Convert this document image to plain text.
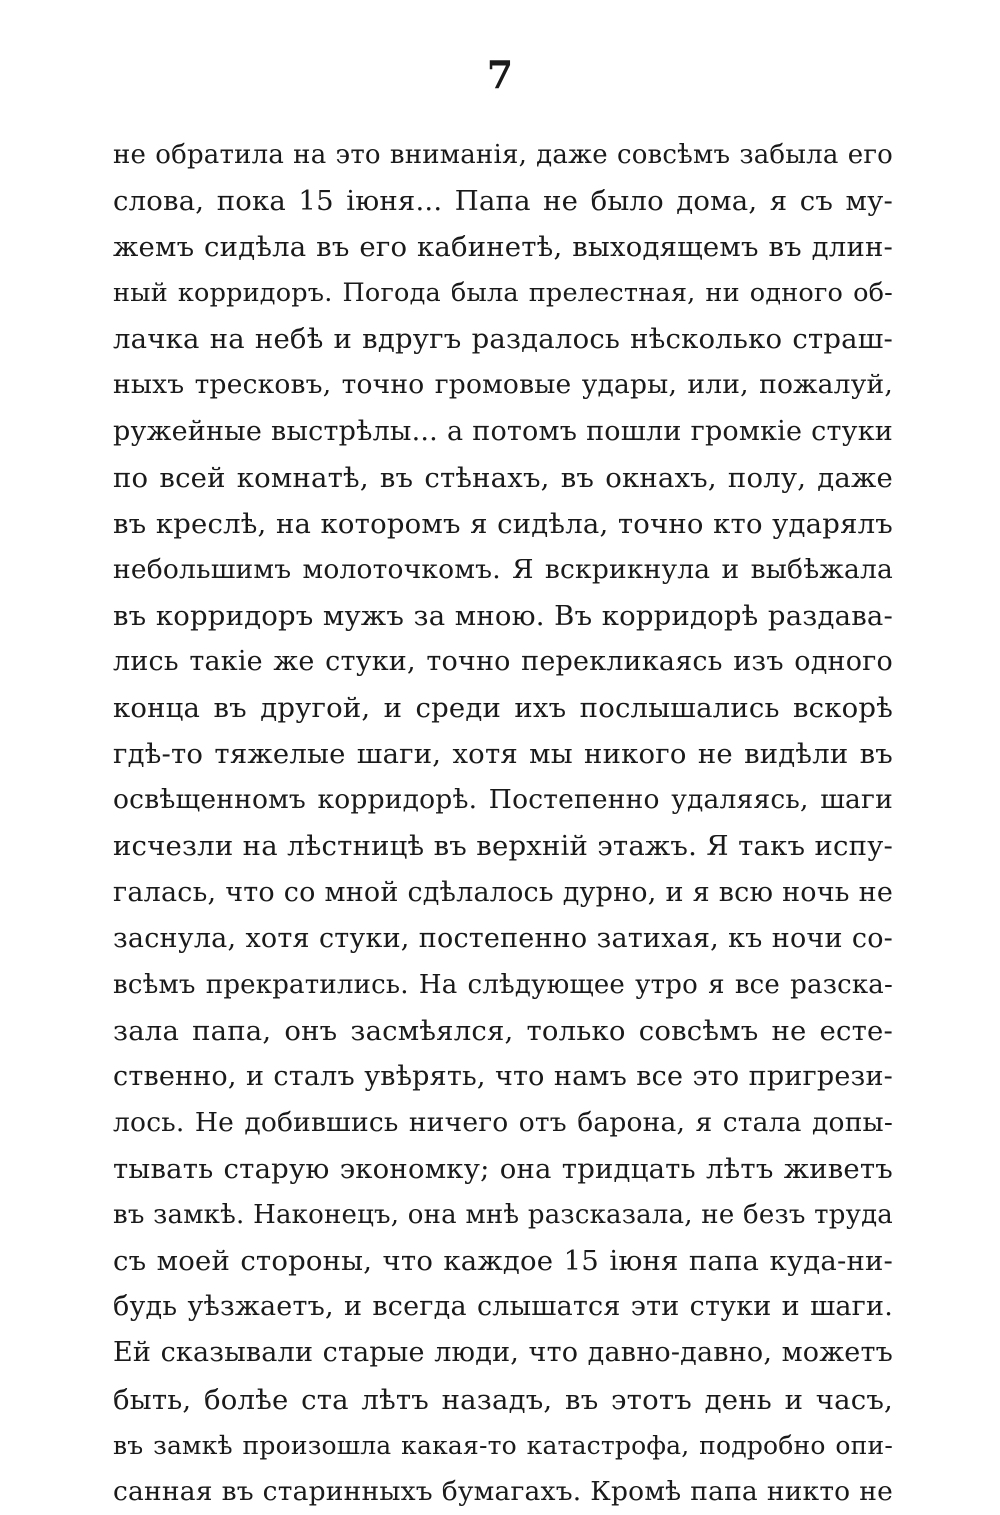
7
не обратила на это вниманія, даже совсѣмъ забыла его
слова, пока 15 іюня... Папа не было дома, я съ му-
жемъ сидѣла въ его кабинетѣ, выходящемъ въ длин-
ный корридоръ. Погода была прелестная, ни одного об-
лачка на небѣ и вдругъ раздалось нѣсколько страш-
ныхъ тресковъ, точно громовые удары, или, пожалуй,
ружейные выстрѣлы... а потомъ пошли громкіе стуки
по всей комнатѣ, въ стѣнахъ, въ окнахъ, полу, даже
въ креслѣ, на которомъ я сидѣла, точно кто ударялъ
небольшимъ молоточкомъ. Я вскрикнула и выбѣжала
въ корридоръ мужъ за мною. Въ корридорѣ раздава-
лись такіе же стуки, точно перекликаясь изъ одного
конца въ другой, и среди ихъ послышались вскорѣ
гдѣ-то тяжелые шаги, хотя мы никого не видѣли въ
освѣщенномъ корридорѣ. Постепенно удаляясь, шаги
исчезли на лѣстницѣ въ верхній этажъ. Я такъ испу-
галась, что со мной сдѣлалось дурно, и я всю ночь не
заснула, хотя стуки, постепенно затихая, къ ночи со-
всѣмъ прекратились. На слѣдующее утро я все разска-
зала папа, онъ засмѣялся, только совсѣмъ не есте-
ственно, и сталъ увѣрять, что намъ все это пригрези-
лось. Не добившись ничего отъ барона, я стала допы-
тывать старую экономку; она тридцать лѣтъ живетъ
въ замкѣ. Наконецъ, она мнѣ разсказала, не безъ труда
съ моей стороны, что каждое 15 іюня папа куда-ни-
будь уѣзжаетъ, и всегда слышатся эти стуки и шаги.
Ей сказывали старые люди, что давно-давно, можетъ
быть, болѣе ста лѣтъ назадъ, въ этотъ день и часъ,
въ замкѣ произошла какая-то катастрофа, подробно опи-
санная въ старинныхъ бумагахъ. Кромѣ папа никто не
